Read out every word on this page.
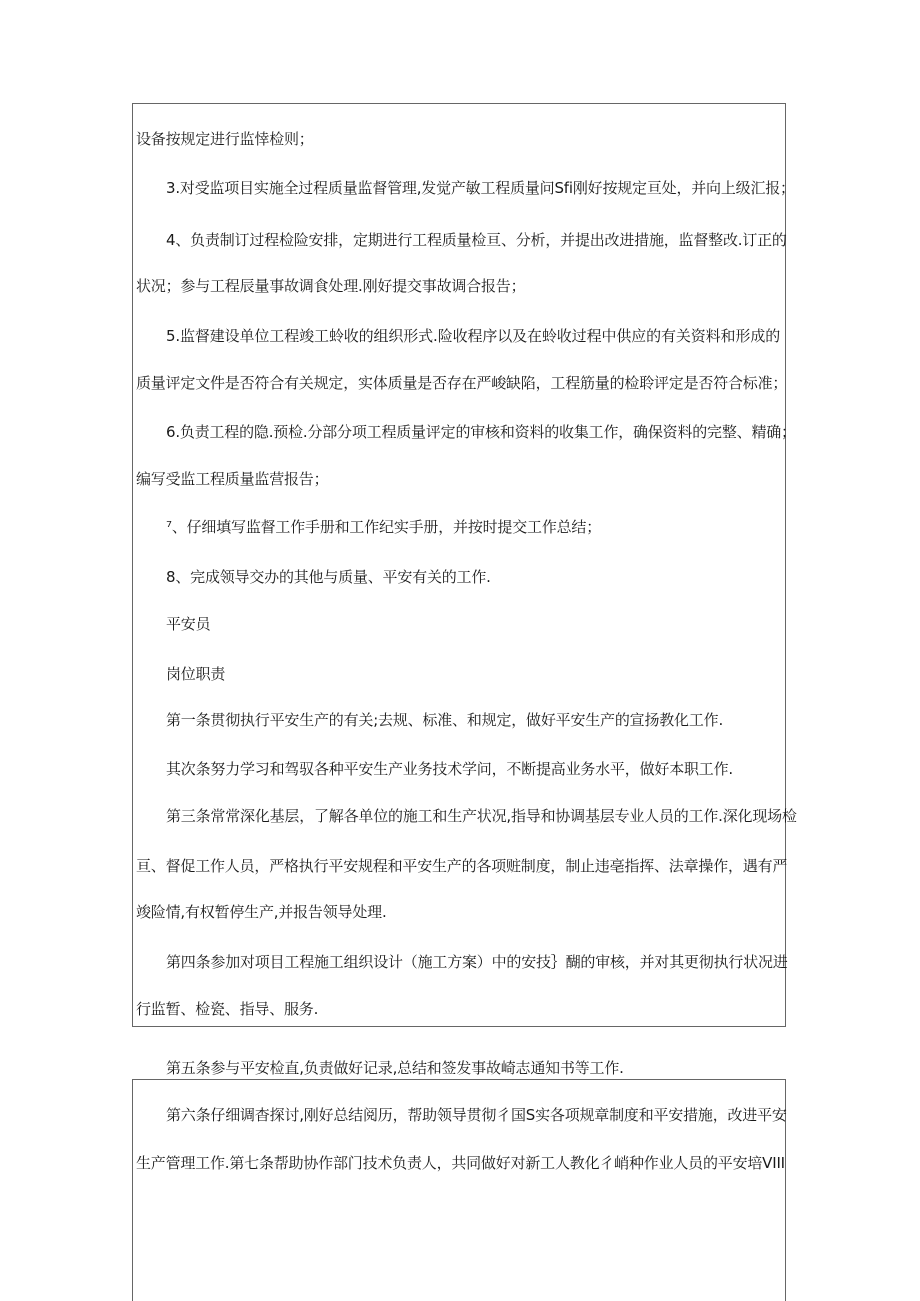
设备按规定进行监悻检则；
3.对受监项目实施全过程质量监督管理,发觉产敏工程质量问Sfi刚好按规定亘处，并向上级汇报；
4、负责制订过程检险安排，定期进行工程质量检亘、分析，并提出改进措施，监督整改.订正的
状况；参与工程辰量事故调食处理.刚好提交事故调合报告；
5.监督建设单位工程竣工蛉收的组织形式.险收程序以及在蛉收过程中供应的有关资料和形成的
质量评定文件是否符合有关规定，实体质量是否存在严峻缺陷，工程筋量的检聆评定是否符合标准；
6.负责工程的隐.预检.分部分项工程质量评定的审核和资料的收集工作，确保资料的完整、精确；
编写受监工程质量监营报告；
⁷、仔细填写监督工作手册和工作纪实手册，并按时提交工作总结；
8、完成领导交办的其他与质量、平安有关的工作.
平安员
岗位职责
第一条贯彻执行平安生产的有关;去规、标准、和规定，做好平安生产的宣扬教化工作.
其次条努力学习和驾驭各种平安生产业务技术学问，不断提高业务水平，做好本职工作.
第三条常常深化基层，了解各单位的施工和生产状况,指导和协调基层专业人员的工作.深化现场检
亘、督促工作人员，严格执行平安规程和平安生产的各项赃制度，制止违亳指挥、法章操作，遇有严
竣险情,有权暂停生产,并报告领导处理.
第四条参加对项目工程施工组织设计（施工方案）中的安技｝醐的审核，并对其更彻执行状况进
行监暂、检瓷、指导、服务.
第五条参与平安检直,负责做好记录,总结和签发事故崎志通知书等工作.
第六条仔细调杳探讨,刚好总结阅历，帮助领导贯彻彳国S实各项规章制度和平安措施，改进平安
生产管理工作.第七条帮助协作部门技术负责人，共同做好对新工人教化彳峭种作业人员的平安培VIII
